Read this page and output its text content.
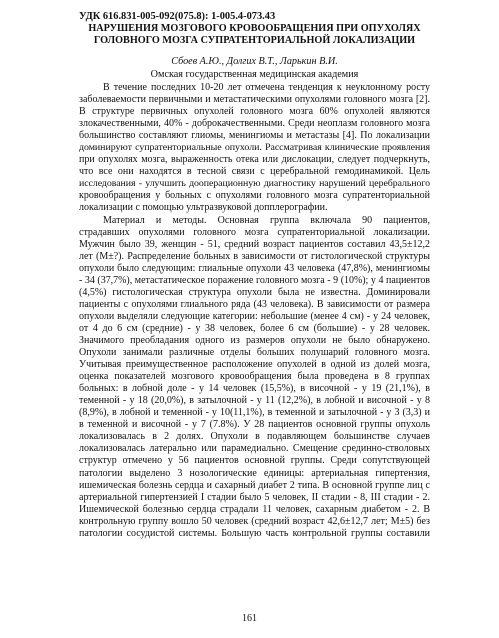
УДК 616.831-005-092(075.8): 1-005.4-073.43

НАРУШЕНИЯ МОЗГОВОГО КРОВООБРАЩЕНИЯ ПРИ ОПУХОЛЯХ
ГОЛОВНОГО МОЗГА СУПРАТЕНТОРИАЛЬНОЙ ЛОКАЛИЗАЦИИ

Сбоев А.Ю., Долгих В.Т., Ларькин В.И.

Омская государственная медицинская академия

В течение последних 10-20 лет отмечена тенденция к неуклонному росту
заболеваемости первичными и метастатическими опухолями головного мозга [2].
В структуре первичных опухолей головного мозга 60% опухолей являются
злокачественными, 40% - доброкачественными. Среди неоплазм головного мозга
большинство составляют глиомы, менингиомы и метастазы [4]. По локализации
доминируют супратенториальные опухоли. Рассматривая клинические проявления
при опухолях мозга, выраженность отека или дислокации, следует подчеркнуть,
что все они находятся в тесной связи с церебральной гемодинамикой. Цель
исследования - улучшить дооперационную диагностику нарушений церебрального
кровообращения у больных с опухолями головного мозга супратенториальной
локализации с помощью ультразвуковой допплерографии.
Материал и методы. Основная группа включала 90 пациентов,
страдавших опухолями головного мозга супратенториальной локализации.
Мужчин было 39, женщин - 51, средний возраст пациентов составил 43,5±12,2
лет (M±?). Распределение больных в зависимости от гистологической структуры
опухоли было следующим: глиальные опухоли 43 человека (47,8%), менингиомы
- 34 (37,7%), метастатическое поражение головного мозга - 9 (10%); у 4 пациентов
(4,5%) гистологическая структура опухоли была не известна. Доминировали
пациенты с опухолями глиального ряда (43 человека). В зависимости от размера
опухоли выделяли следующие категории: небольшие (менее 4 см) - у 24 человек,
от 4 до 6 см (средние) - у 38 человек, более 6 см (большие) - у 28 человек.
Значимого преобладания одного из размеров опухоли не было обнаружено.
Опухоли занимали различные отделы больших полушарий головного мозга.
Учитывая преимущественное расположение опухолей в одной из долей мозга,
оценка показателей мозгового кровообращения была проведена в 8 группах
больных: в лобной доле - у 14 человек (15,5%), в височной - у 19 (21,1%), в
теменной - у 18 (20,0%), в затылочной - у 11 (12,2%), в лобной и височной - у 8
(8,9%), в лобной и теменной - у 10(11,1%), в теменной и затылочной - у 3 (3,3) и
в теменной и височной - у 7 (7.8%). У 28 пациентов основной группы опухоль
локализовалась в 2 долях. Опухоли в подавляющем большинстве случаев
локализовалась латерально или парамедиально. Смещение срединно-стволовых
структур отмечено у 56 пациентов основной группы. Среди сопутствующей
патологии выделено 3 нозологические единицы: артериальная гипертензия,
ишемическая болезнь сердца и сахарный диабет 2 типа. В основной группе лиц с
артериальной гипертензией I стадии было 5 человек, II стадии - 8, III стадии - 2.
Ишемической болезнью сердца страдали 11 человек, сахарным диабетом - 2. В
контрольную группу вошло 50 человек (средний возраст 42,6±12,7 лет; M±5) без
патологии сосудистой системы. Большую часть контрольной группы составили
161
